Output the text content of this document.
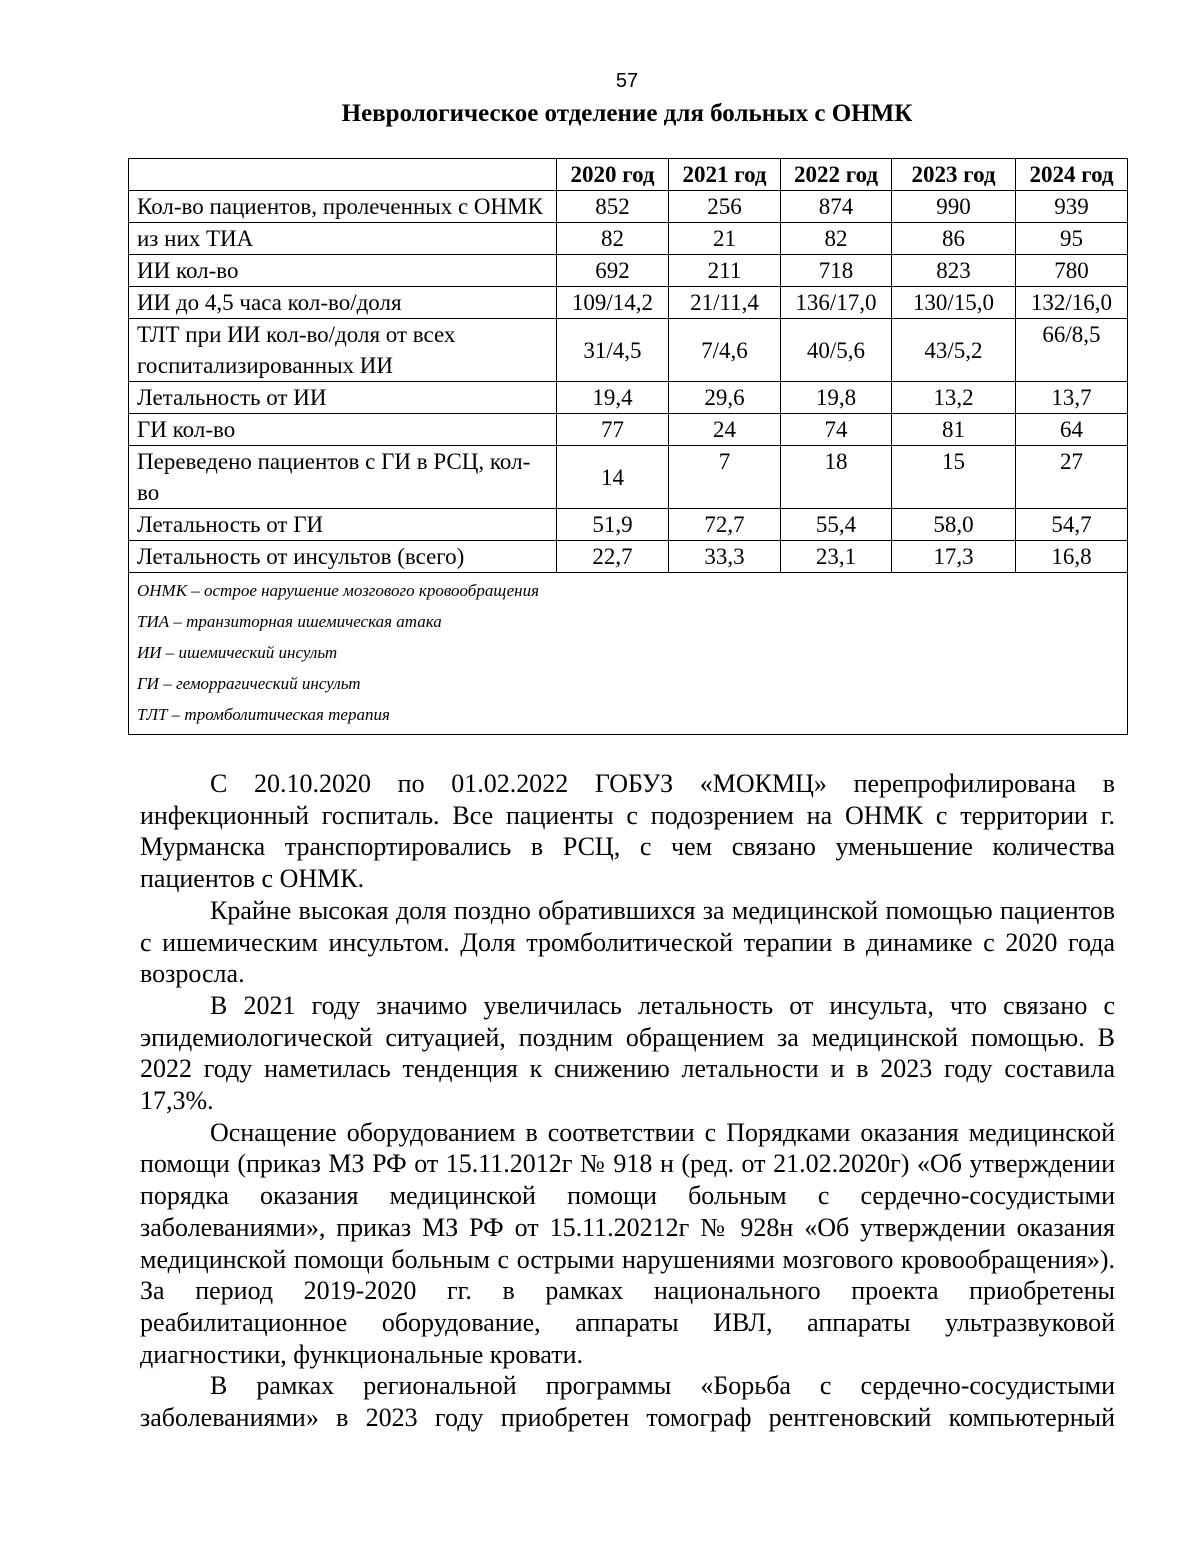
57
Неврологическое отделение для больных с ОНМК
	2020 год	2021 год	2022 год	2023 год	2024 год
Кол-во пациентов, пролеченных с ОНМК	852	256	874	990	939
из них ТИА	82	21	82	86	95
ИИ кол-во	692	211	718	823	780
ИИ до 4,5 часа кол-во/доля	109/14,2	21/11,4	136/17,0	130/15,0	132/16,0
ТЛТ при ИИ кол-во/доля от всех госпитализированных ИИ	31/4,5	7/4,6	40/5,6	43/5,2	66/8,5
Летальность от ИИ	19,4	29,6	19,8	13,2	13,7
ГИ кол-во	77	24	74	81	64
Переведено пациентов с ГИ в РСЦ, кол-во	14	7	18	15	27
Летальность от ГИ	51,9	72,7	55,4	58,0	54,7
Летальность от инсультов (всего)	22,7	33,3	23,1	17,3	16,8

ОНМК – острое нарушение мозгового кровообращения
ТИА – транзиторная ишемическая атака
ИИ – ишемический инсульт
ГИ – геморрагический инсульт
ТЛТ – тромболитическая терапия					

С 20.10.2020 по 01.02.2022 ГОБУЗ «МОКМЦ» перепрофилирована в инфекционный госпиталь. Все пациенты с подозрением на ОНМК с территории г. Мурманска транспортировались в РСЦ, с чем связано уменьшение количества пациентов с ОНМК.

Крайне высокая доля поздно обратившихся за медицинской помощью пациентов с ишемическим инсультом. Доля тромболитической терапии в динамике с 2020 года возросла.

В 2021 году значимо увеличилась летальность от инсульта, что связано с эпидемиологической ситуацией, поздним обращением за медицинской помощью. В 2022 году наметилась тенденция к снижению летальности и в 2023 году составила 17,3%.

Оснащение оборудованием в соответствии с Порядками оказания медицинской помощи (приказ МЗ РФ от 15.11.2012г № 918 н (ред. от 21.02.2020г) «Об утверждении порядка оказания медицинской помощи больным с сердечно-сосудистыми заболеваниями», приказ МЗ РФ от 15.11.20212г № 928н «Об утверждении оказания медицинской помощи больным с острыми нарушениями мозгового кровообращения»). За период 2019-2020 гг. в рамках национального проекта приобретены реабилитационное оборудование, аппараты ИВЛ, аппараты ультразвуковой диагностики, функциональные кровати.

В рамках региональной программы «Борьба с сердечно-сосудистыми заболеваниями» в 2023 году приобретен томограф рентгеновский компьютерный
